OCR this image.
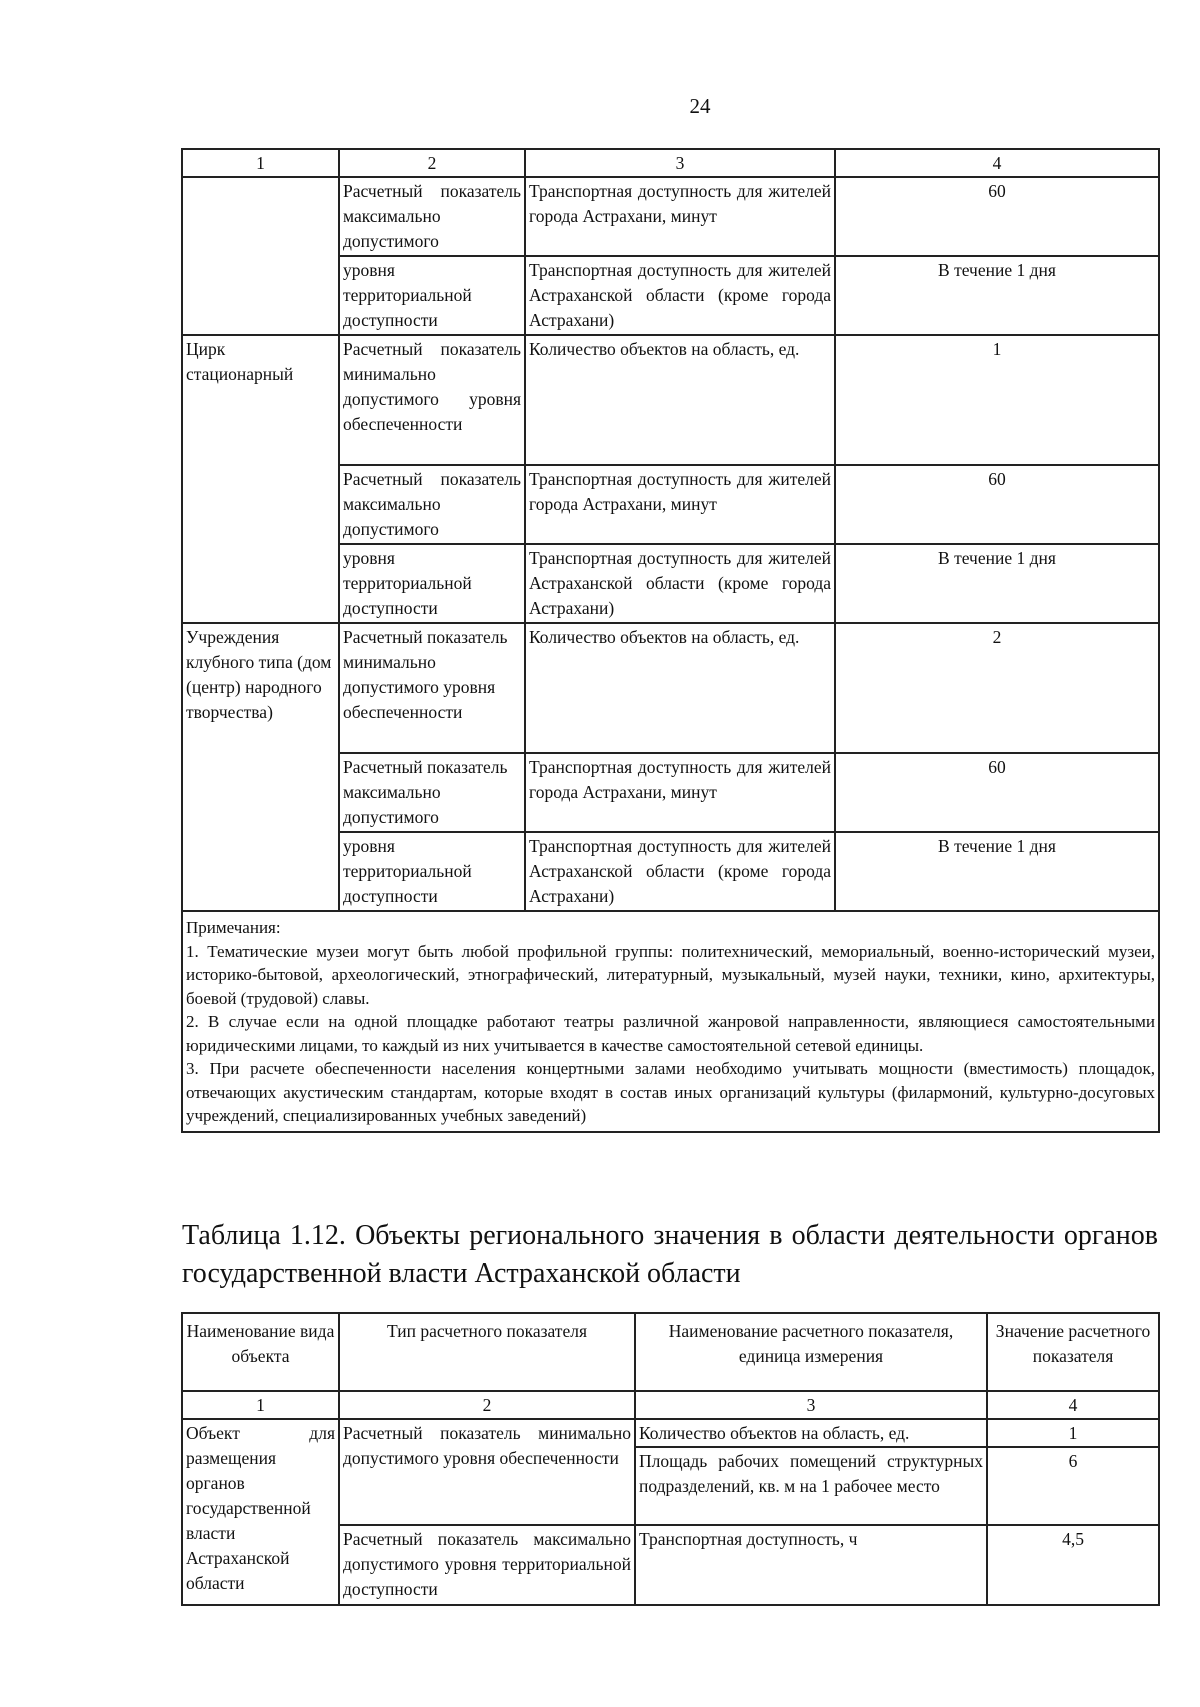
24
1	2	3	4
	Расчетный показатель максимально допустимого	Транспортная доступность для жителей города Астрахани, минут	60
	уровня территориальной доступности	Транспортная доступность для жителей Астраханской области (кроме города Астрахани)	В течение 1 дня
Цирк стационарный	Расчетный показатель минимально допустимого уровня обеспеченности	Количество объектов на область, ед.	1
	Расчетный показатель максимально допустимого	Транспортная доступность для жителей города Астрахани, минут	60
	уровня территориальной доступности	Транспортная доступность для жителей Астраханской области (кроме города Астрахани)	В течение 1 дня
Учреждения клубного типа (дом (центр) народного творчества)	Расчетный показатель минимально допустимого уровня обеспеченности	Количество объектов на область, ед.	2
	Расчетный показатель максимально допустимого	Транспортная доступность для жителей города Астрахани, минут	60
	уровня территориальной доступности	Транспортная доступность для жителей Астраханской области (кроме города Астрахани)	В течение 1 дня

Примечания:
1. Тематические музеи могут быть любой профильной группы: политехнический, мемориальный, военно-исторический музеи, историко-бытовой, археологический, этнографический, литературный, музыкальный, музей науки, техники, кино, архитектуры, боевой (трудовой) славы.
2. В случае если на одной площадке работают театры различной жанровой направленности, являющиеся самостоятельными юридическими лицами, то каждый из них учитывается в качестве самостоятельной сетевой единицы.
3. При расчете обеспеченности населения концертными залами необходимо учитывать мощности (вместимость) площадок, отвечающих акустическим стандартам, которые входят в состав иных организаций культуры (филармоний, культурно-досуговых учреждений, специализированных учебных заведений)			
Таблица 1.12. Объекты регионального значения в области деятельности органов государственной власти Астраханской области
Наименование вида объекта	Тип расчетного показателя	Наименование расчетного показателя, единица измерения	Значение расчетного показателя
1	2	3	4
Объект для размещения органов государственной власти Астраханской области	Расчетный показатель минимально допустимого уровня обеспеченности	Количество объектов на область, ед.	1
		Площадь рабочих помещений структурных подразделений, кв. м на 1 рабочее место	6
	Расчетный показатель максимально допустимого уровня территориальной доступности	Транспортная доступность, ч	4,5
